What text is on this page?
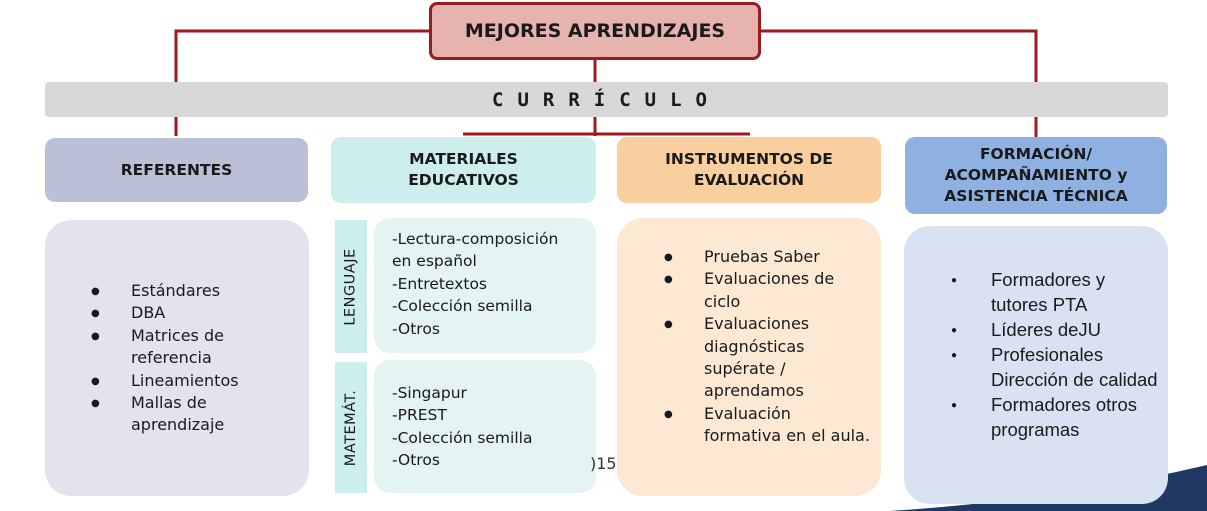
MEJORES APRENDIZAJES
CURRÍCULO
REFERENTES
MATERIALES EDUCATIVOS
INSTRUMENTOS DE EVALUACIÓN
FORMACIÓN/ ACOMPAÑAMIENTO y ASISTENCIA TÉCNICA
● Estándares
● DBA
● Matrices de referencia
● Lineamientos
● Mallas de aprendizaje
LENGUAJE
-Lectura-composición en español
-Entretextos
-Colección semilla
-Otros
MATEMÁT. -Singapur
-PREST
-Colección semilla
-Otros	)15
● Pruebas Saber
● Evaluaciones de ciclo
● Evaluaciones diagnósticas supérate / aprendamos
● Evaluación formativa en el aula.
● Formadores y tutores PTA
● Líderes deJU
● Profesionales Dirección de calidad
● Formadores otros programas
